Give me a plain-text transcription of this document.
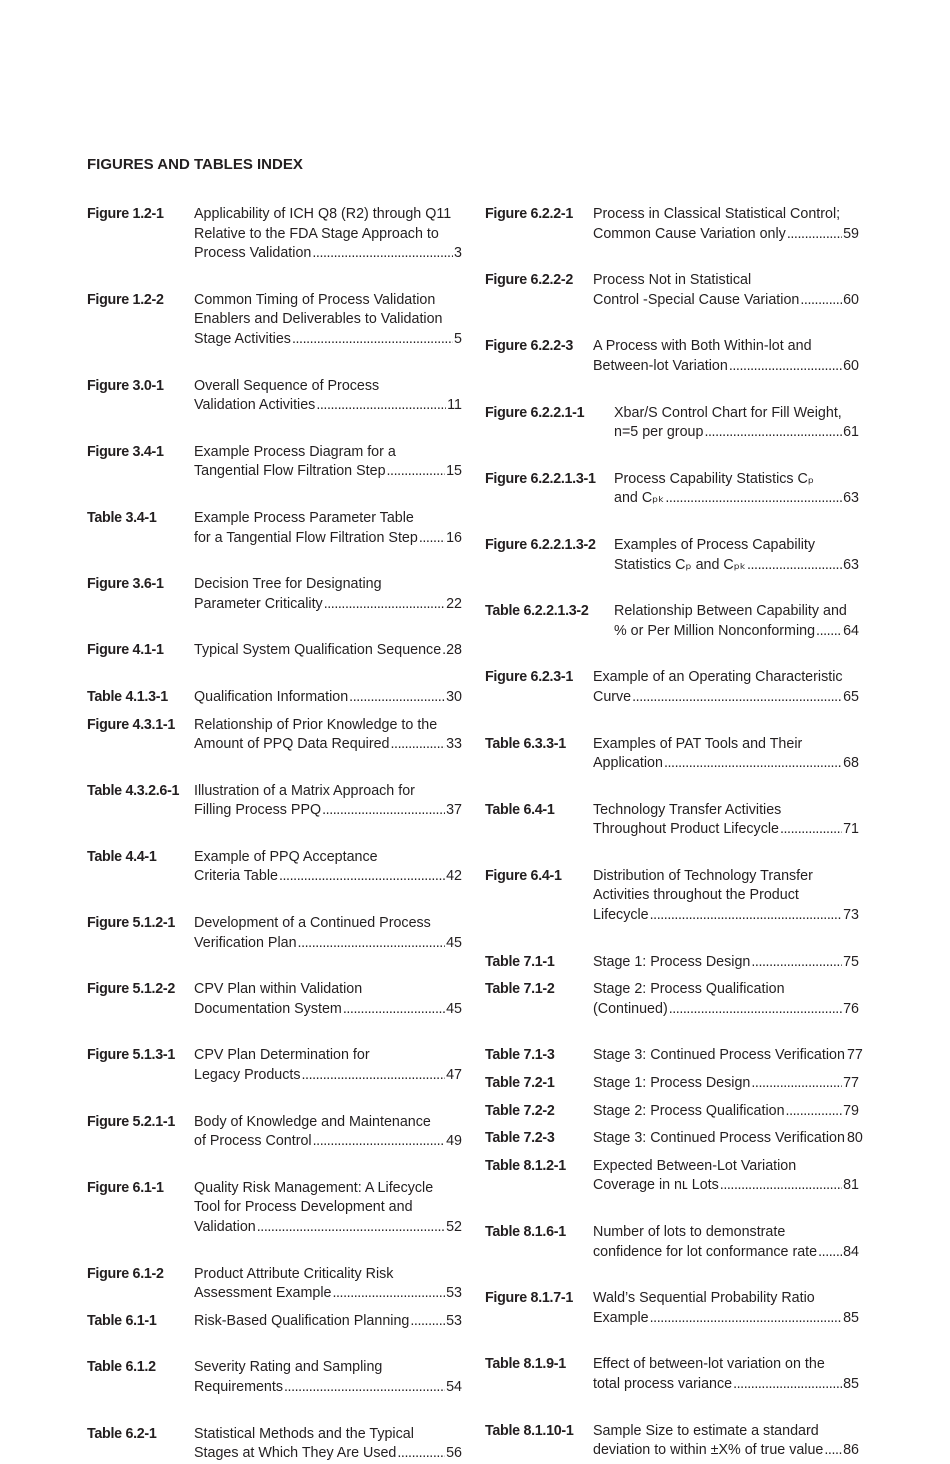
FIGURES AND TABLES INDEX
Figure 1.2-1 Applicability of ICH Q8 (R2) through Q11
Relative to the FDA Stage Approach to
Process Validation . . .	3
Figure 1.2-2 Common Timing of Process Validation
Enablers and Deliverables to Validation
Stage Activities . . .	5
Figure 3.0-1 Overall Sequence of Process
Validation Activities . . .	11
Figure 3.4-1 Example Process Diagram for a
Tangential Flow Filtration Step . . .	15
Table 3.4-1	Example Process Parameter Table
for a Tangential Flow Filtration Step . . . 16
Figure 3.6-1 Decision Tree for Designating
Parameter Criticality . . .	22
Figure 4.1-1 Typical System Qualification Sequence . . . 28
Table 4.1.3-1 Qualification Information . . .	30
Figure 4.3.1-1 Relationship of Prior Knowledge to the
Amount of PPQ Data Required . . .	33
Table 4.3.2.6-1 Illustration of a Matrix Approach for
Filling Process PPQ . . .	37
Table 4.4-1	Example of PPQ Acceptance
Criteria Table . . .	42
Figure 5.1.2-1 Development of a Continued Process
Verification Plan . . .	45
Figure 5.1.2-2 CPV Plan within Validation
Documentation System . . .	45
Figure 5.1.3-1 CPV Plan Determination for
Legacy Products . . .	47
Figure 5.2.1-1 Body of Knowledge and Maintenance
of Process Control . . .	49
Figure 6.1-1 Quality Risk Management: A Lifecycle
Tool for Process Development and
Validation . . .	52
Figure 6.1-2 Product Attribute Criticality Risk
Assessment Example . . .	53
Table 6.1-1	Risk-Based Qualification Planning . . .	53
Table 6.1.2	Severity Rating and Sampling
Requirements . . .	54
Table 6.2-1	Statistical Methods and the Typical
Stages at Which They Are Used . . .	56
Figure 6.2.2-1 Process in Classical Statistical Control;
Common Cause Variation only . . .	59
Figure 6.2.2-2 Process Not in Statistical
Control -Special Cause Variation . . .	60
Figure 6.2.2-3 A Process with Both Within-lot and
Between-lot Variation . . .	60
Figure 6.2.2.1-1 Xbar/S Control Chart for Fill Weight,
n=5 per group . . .	61
Figure 6.2.2.1.3-1 Process Capability Statistics Cₚ
and Cₚₖ . . .	63
Figure 6.2.2.1.3-2 Examples of Process Capability
Statistics Cₚ and Cₚₖ . . .	63
Table 6.2.2.1.3-2 Relationship Between Capability and
% or Per Million Nonconforming . . . 64
Figure 6.2.3-1 Example of an Operating Characteristic
Curve . . .	65
Table 6.3.3-1 Examples of PAT Tools and Their
Application . . .	68
Table 6.4-1	Technology Transfer Activities
Throughout Product Lifecycle . . .	71
Figure 6.4-1 Distribution of Technology Transfer
Activities throughout the Product
Lifecycle . . .	73
Table 7.1-1	Stage 1: Process Design . . .	75
Table 7.1-2	Stage 2: Process Qualification
(Continued) . . .	76
Table 7.1-3	Stage 3: Continued Process Verification 77
Table 7.2-1	Stage 1: Process Design . . .	77
Table 7.2-2	Stage 2: Process Qualification . . .	79
Table 7.2-3	Stage 3: Continued Process Verification 80
Table 8.1.2-1 Expected Between-Lot Variation
Coverage in nʟ Lots . . .	81
Table 8.1.6-1 Number of lots to demonstrate
confidence for lot conformance rate . . . 84
Figure 8.1.7-1 Wald’s Sequential Probability Ratio
Example . . .	85
Table 8.1.9-1 Effect of between-lot variation on the
total process variance . . .	85
Table 8.1.10-1 Sample Size to estimate a standard
deviation to within ±X% of true value . . . 86
